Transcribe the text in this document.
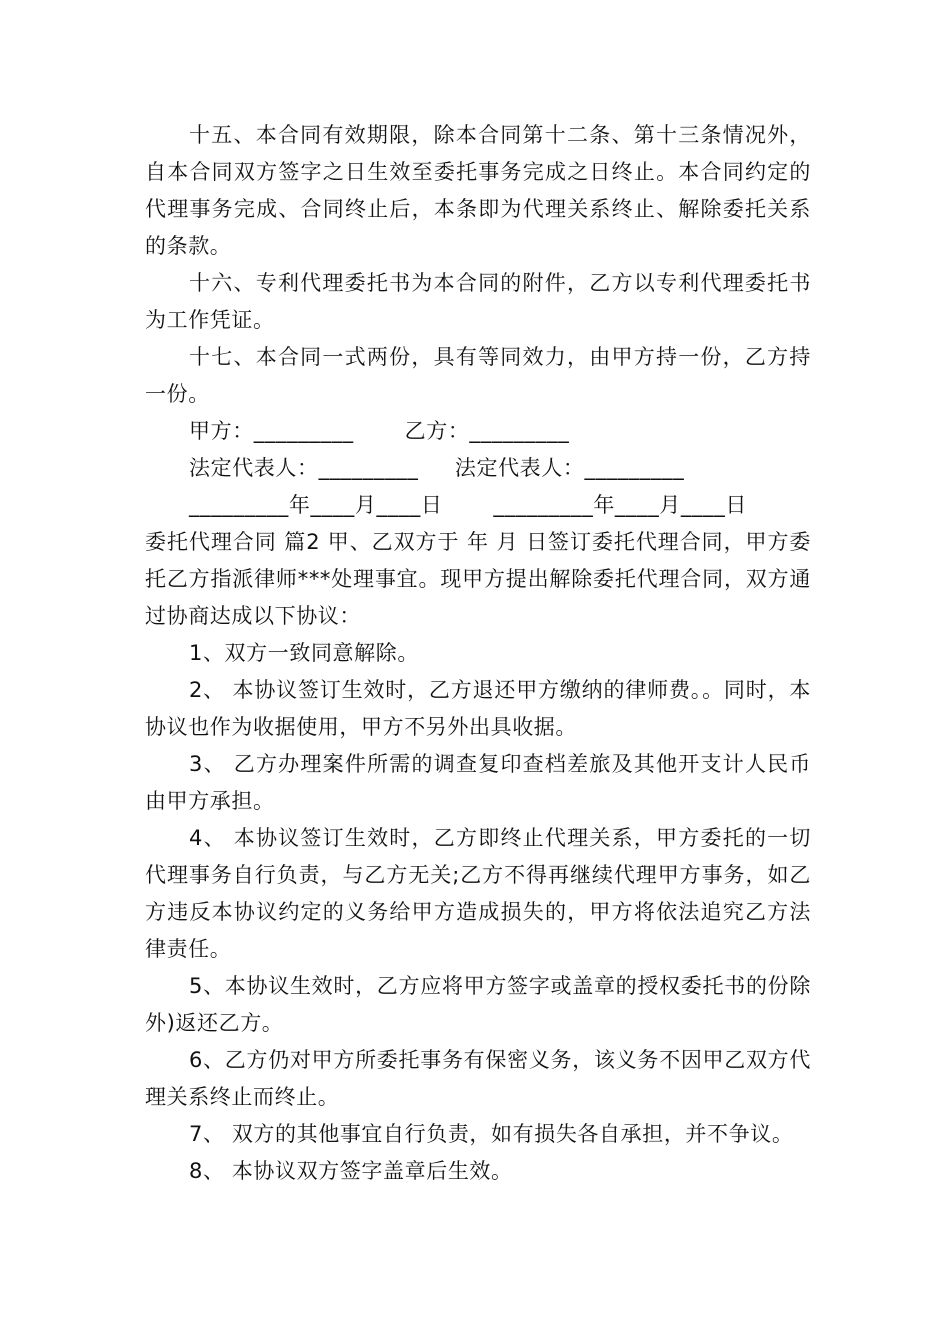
十五、本合同有效期限，除本合同第十二条、第十三条情况外，自本合同双方签字之日生效至委托事务完成之日终止。本合同约定的代理事务完成、合同终止后，本条即为代理关系终止、解除委托关系的条款。

十六、专利代理委托书为本合同的附件，乙方以专利代理委托书为工作凭证。

十七、本合同一式两份，具有等同效力，由甲方持一份，乙方持一份。

甲方：_________       乙方：_________

法定代表人：_________     法定代表人：_________

_________年____月____日       _________年____月____日

委托代理合同 篇2 甲、乙双方于 年 月 日签订委托代理合同，甲方委托乙方指派律师***处理事宜。现甲方提出解除委托代理合同，双方通过协商达成以下协议：

1、双方一致同意解除。

2、 本协议签订生效时，乙方退还甲方缴纳的律师费。。同时，本协议也作为收据使用，甲方不另外出具收据。

3、 乙方办理案件所需的调查复印查档差旅及其他开支计人民币由甲方承担。

4、 本协议签订生效时，乙方即终止代理关系，甲方委托的一切代理事务自行负责，与乙方无关;乙方不得再继续代理甲方事务，如乙方违反本协议约定的义务给甲方造成损失的，甲方将依法追究乙方法律责任。

5、本协议生效时，乙方应将甲方签字或盖章的授权委托书的份除外)返还乙方。

6、乙方仍对甲方所委托事务有保密义务，该义务不因甲乙双方代理关系终止而终止。

7、 双方的其他事宜自行负责，如有损失各自承担，并不争议。

8、 本协议双方签字盖章后生效。
